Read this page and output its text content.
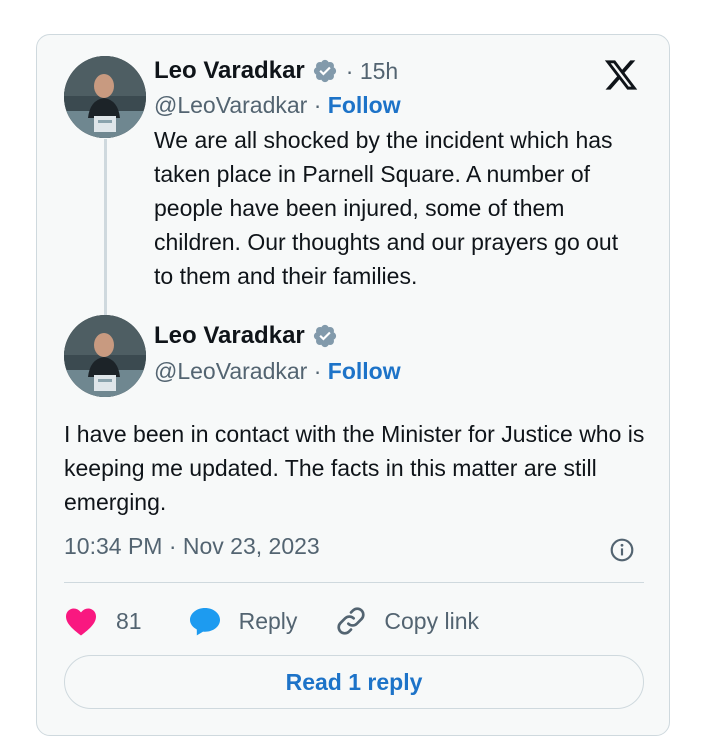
Leo Varadkar · 15h
@LeoVaradkar · Follow
We are all shocked by the incident which has taken place in Parnell Square. A number of people have been injured, some of them children. Our thoughts and our prayers go out to them and their families.
Leo Varadkar
@LeoVaradkar · Follow
I have been in contact with the Minister for Justice who is keeping me updated. The facts in this matter are still emerging.
10:34 PM · Nov 23, 2023
81	Reply	Copy link
Read 1 reply
